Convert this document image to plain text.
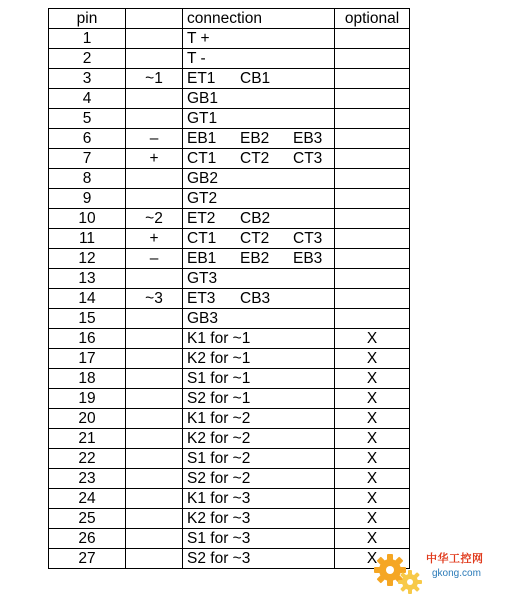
pin		connection	optional
1		T +	
2		T -	
3	~1	ET1 CB1	
4		GB1	
5		GT1	
6	–	EB1 EB2 EB3	
7	+	CT1 CT2 CT3	
8		GB2	
9		GT2	
10	~2	ET2 CB2	
11	+	CT1 CT2 CT3	
12	–	EB1 EB2 EB3	
13		GT3	
14	~3	ET3 CB3	
15		GB3	
16		K1 for ~1	X
17		K2 for ~1	X
18		S1 for ~1	X
19		S2 for ~1	X
20		K1 for ~2	X
21		K2 for ~2	X
22		S1 for ~2	X
23		S2 for ~2	X
24		K1 for ~3	X
25		K2 for ~3	X
26		S1 for ~3	X
27		S2 for ~3	X	中华工控网
gkong.com
